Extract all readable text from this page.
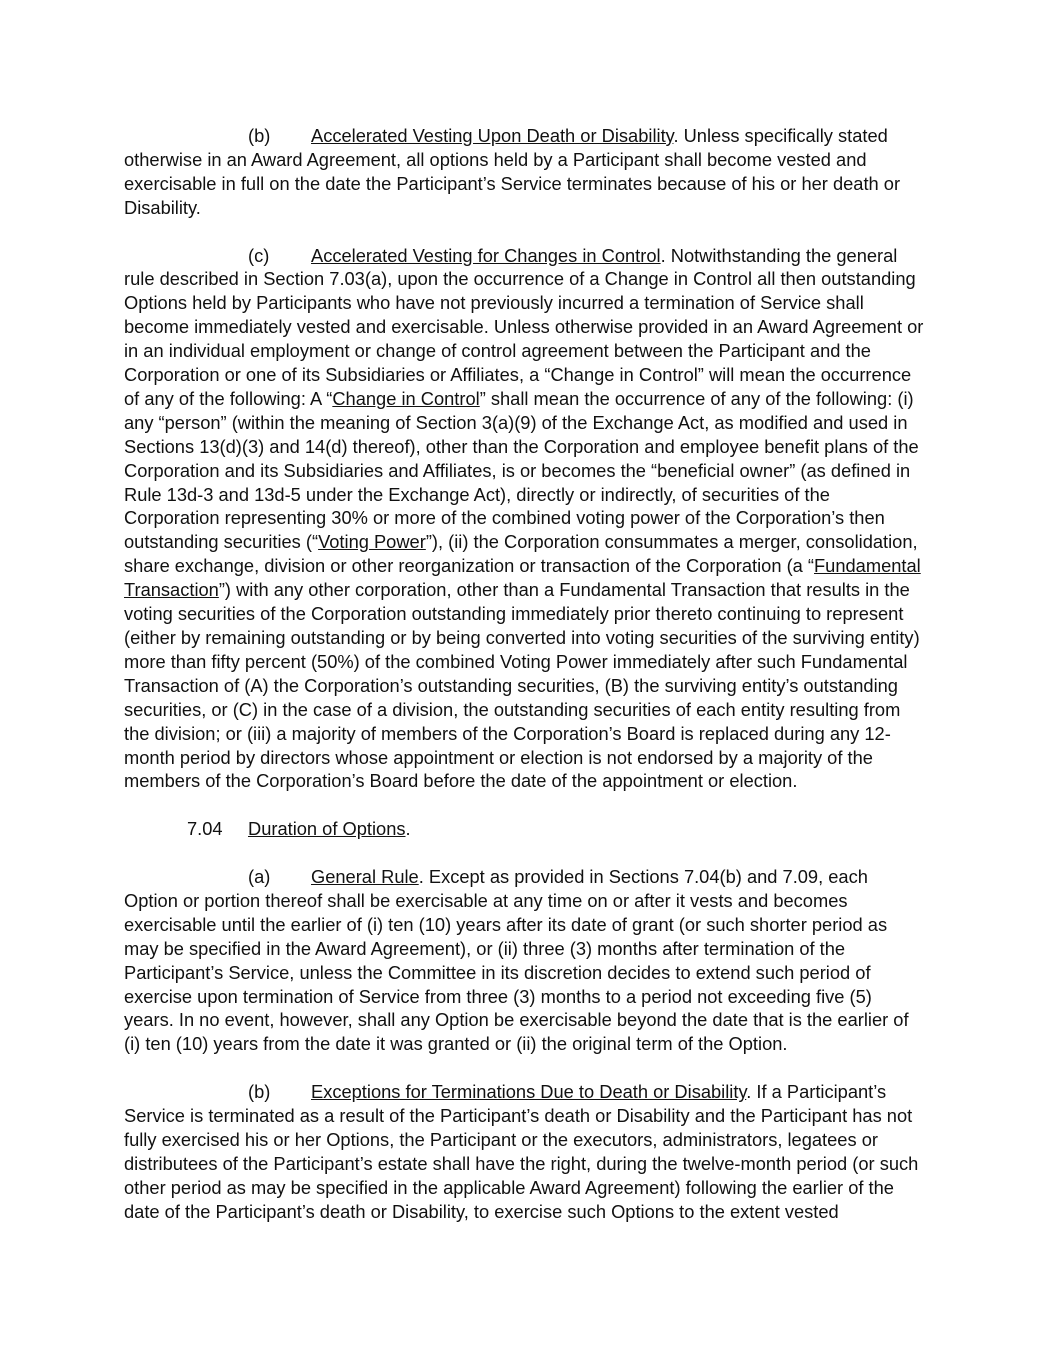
(b) Accelerated Vesting Upon Death or Disability. Unless specifically stated otherwise in an Award Agreement, all options held by a Participant shall become vested and exercisable in full on the date the Participant’s Service terminates because of his or her death or Disability.

(c) Accelerated Vesting for Changes in Control. Notwithstanding the general rule described in Section 7.03(a), upon the occurrence of a Change in Control all then outstanding Options held by Participants who have not previously incurred a termination of Service shall become immediately vested and exercisable. Unless otherwise provided in an Award Agreement or in an individual employment or change of control agreement between the Participant and the Corporation or one of its Subsidiaries or Affiliates, a “Change in Control” will mean the occurrence of any of the following: A “Change in Control” shall mean the occurrence of any of the following: (i) any “person” (within the meaning of Section 3(a)(9) of the Exchange Act, as modified and used in Sections 13(d)(3) and 14(d) thereof), other than the Corporation and employee benefit plans of the Corporation and its Subsidiaries and Affiliates, is or becomes the “beneficial owner” (as defined in Rule 13d-3 and 13d-5 under the Exchange Act), directly or indirectly, of securities of the Corporation representing 30% or more of the combined voting power of the Corporation’s then outstanding securities (“Voting Power”), (ii) the Corporation consummates a merger, consolidation, share exchange, division or other reorganization or transaction of the Corporation (a “Fundamental Transaction”) with any other corporation, other than a Fundamental Transaction that results in the voting securities of the Corporation outstanding immediately prior thereto continuing to represent (either by remaining outstanding or by being converted into voting securities of the surviving entity) more than fifty percent (50%) of the combined Voting Power immediately after such Fundamental Transaction of (A) the Corporation’s outstanding securities, (B) the surviving entity’s outstanding securities, or (C) in the case of a division, the outstanding securities of each entity resulting from the division; or (iii) a majority of members of the Corporation’s Board is replaced during any 12-month period by directors whose appointment or election is not endorsed by a majority of the members of the Corporation’s Board before the date of the appointment or election.

7.04 Duration of Options.

(a) General Rule. Except as provided in Sections 7.04(b) and 7.09, each Option or portion thereof shall be exercisable at any time on or after it vests and becomes exercisable until the earlier of (i) ten (10) years after its date of grant (or such shorter period as may be specified in the Award Agreement), or (ii) three (3) months after termination of the Participant’s Service, unless the Committee in its discretion decides to extend such period of exercise upon termination of Service from three (3) months to a period not exceeding five (5) years. In no event, however, shall any Option be exercisable beyond the date that is the earlier of (i) ten (10) years from the date it was granted or (ii) the original term of the Option.

(b) Exceptions for Terminations Due to Death or Disability. If a Participant’s Service is terminated as a result of the Participant’s death or Disability and the Participant has not fully exercised his or her Options, the Participant or the executors, administrators, legatees or distributees of the Participant’s estate shall have the right, during the twelve-month period (or such other period as may be specified in the applicable Award Agreement) following the earlier of the date of the Participant’s death or Disability, to exercise such Options to the extent vested
